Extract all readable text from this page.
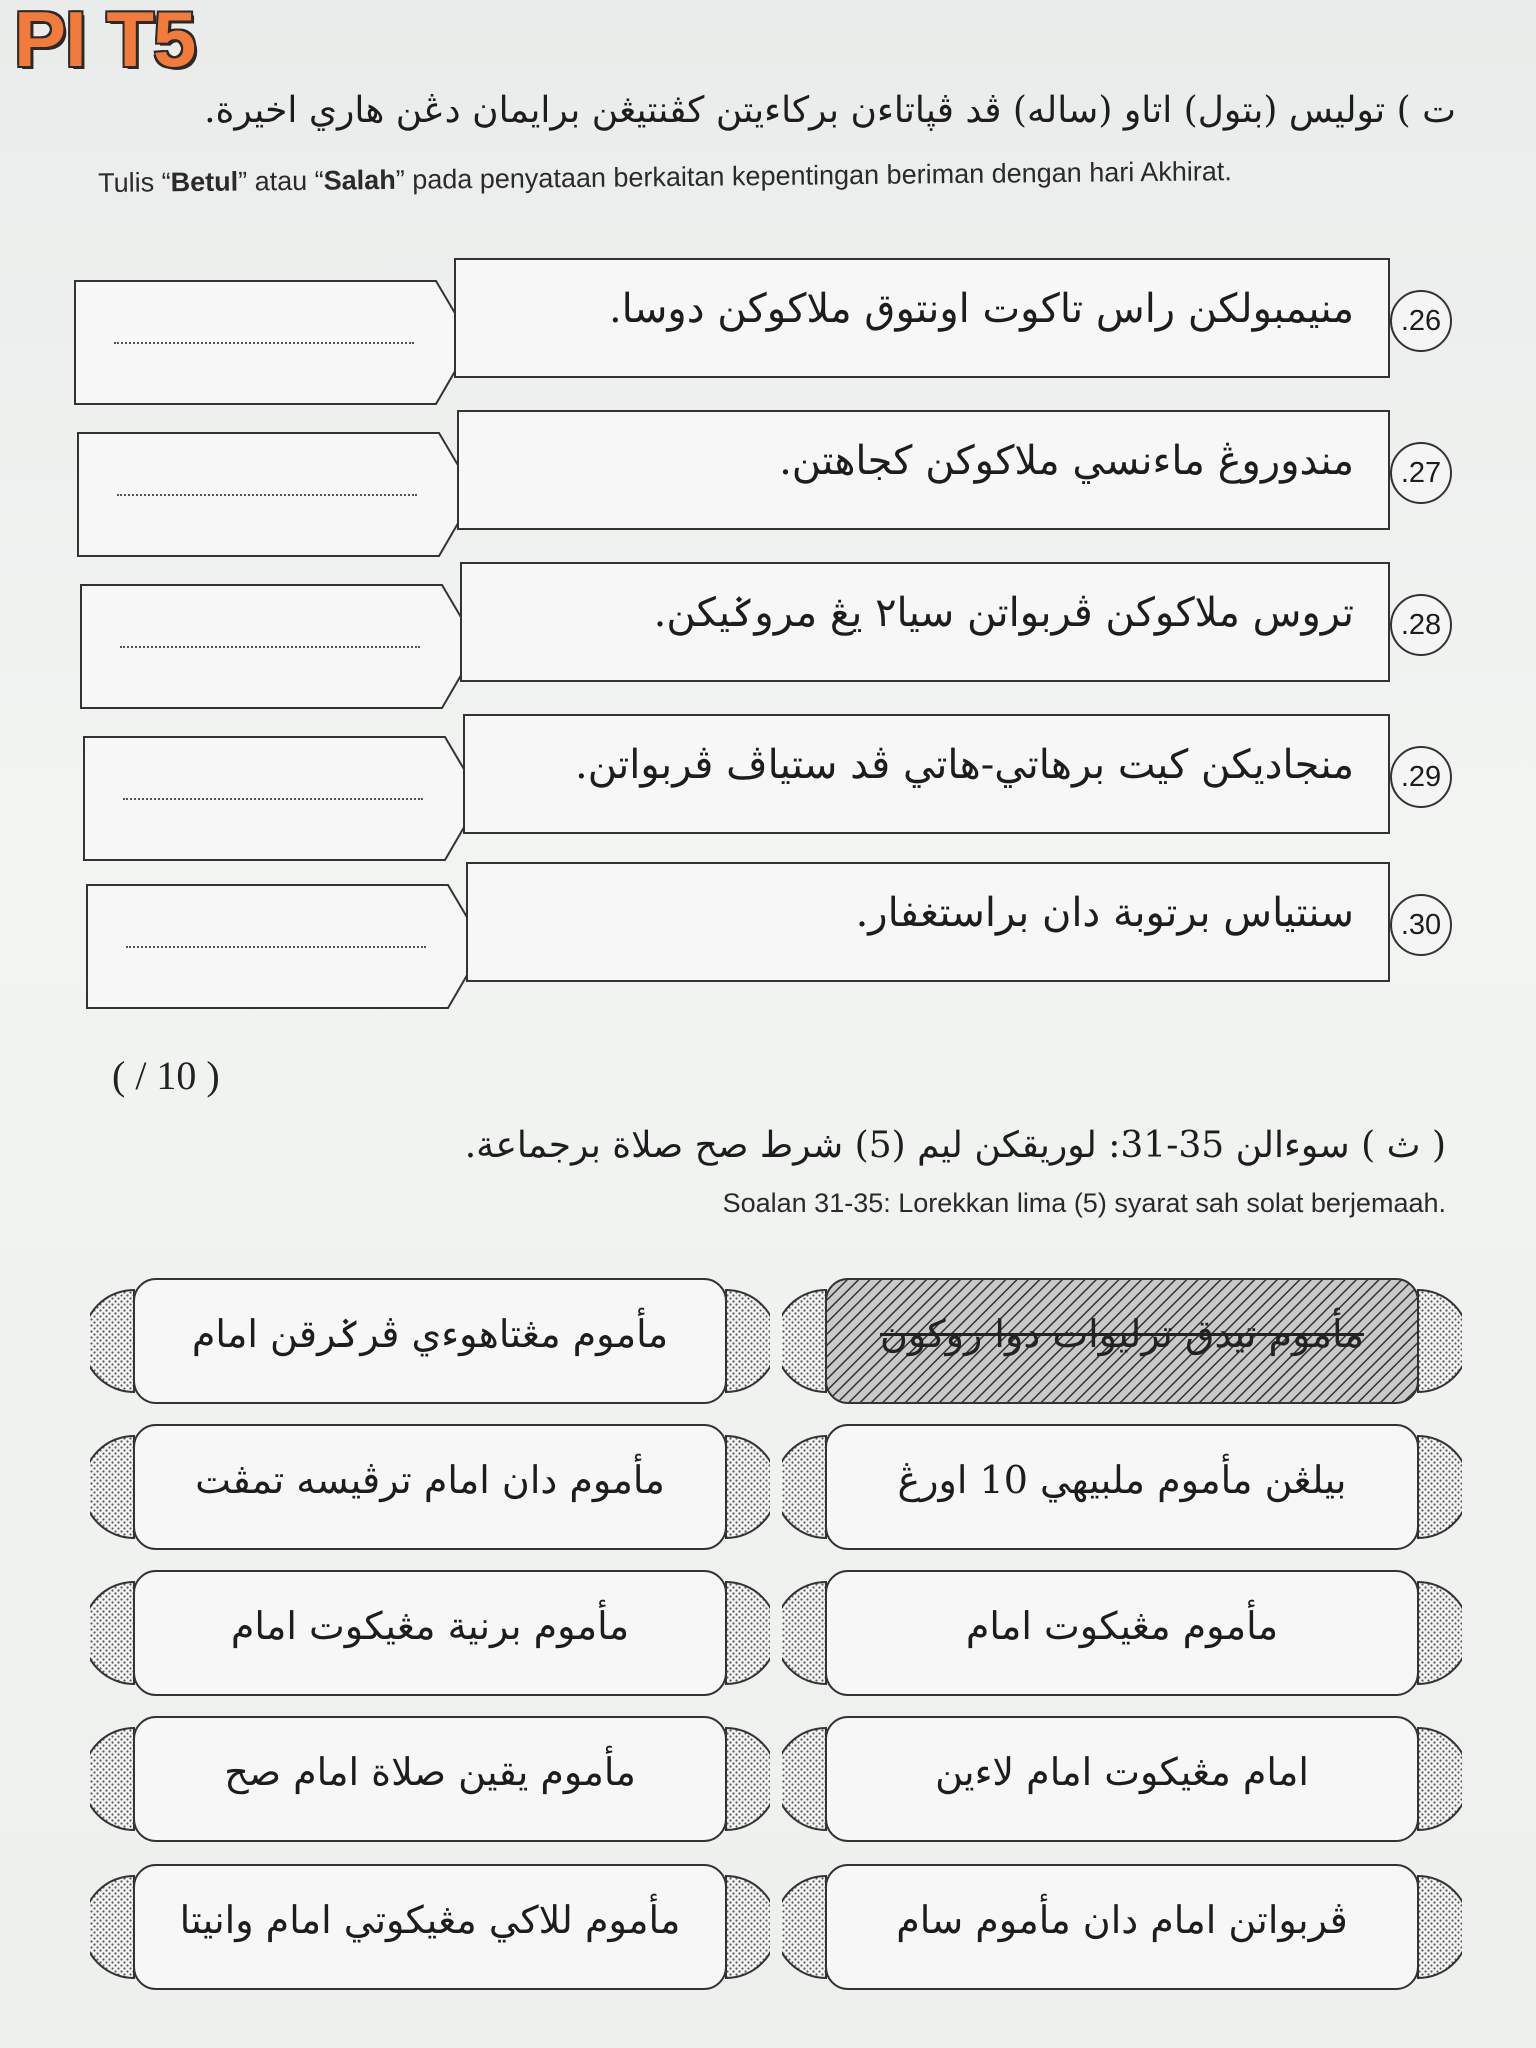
PI T5
ت ) توليس (بتول) اتاو (ساله) ڤد ڤپاتاءن بركاءيتن كڤنتيڠن برايمان دڠن هاري اخيرة.
Tulis “Betul” atau “Salah” pada penyataan berkaitan kepentingan beriman dengan hari Akhirat.
منيمبولكن راس تاكوت اونتوق ملاكوكن دوسا.	.26
مندوروڠ ماءنسي ملاكوكن كجاهتن.	.27
تروس ملاكوكن ڤربواتن سيا٢ يڠ مروݢيكن.	.28
منجاديكن كيت برهاتي-هاتي ڤد ستياڤ ڤربواتن.	.29
سنتياس برتوبة دان براستغفار.	.30
( / 10 )
( ث ) سوءالن 35-31: لوريقكن ليم (5) شرط صح صلاة برجماعة.
Soalan 31-35: Lorekkan lima (5) syarat sah solat berjemaah.
مأموم مڠتاهوءي ڤرݢرقن امام
مأموم دان امام ترڤيسه تمڤت
مأموم برنية مڠيكوت امام
مأموم يقين صلاة امام صح
مأموم للاكي مڠيكوتي امام وانيتا
مأموم تيدق ترليوات دوا روكون
بيلڠن مأموم ملبيهي 10 اورڠ
مأموم مڠيكوت امام
امام مڠيكوت امام لاءين
ڤربواتن امام دان مأموم سام
